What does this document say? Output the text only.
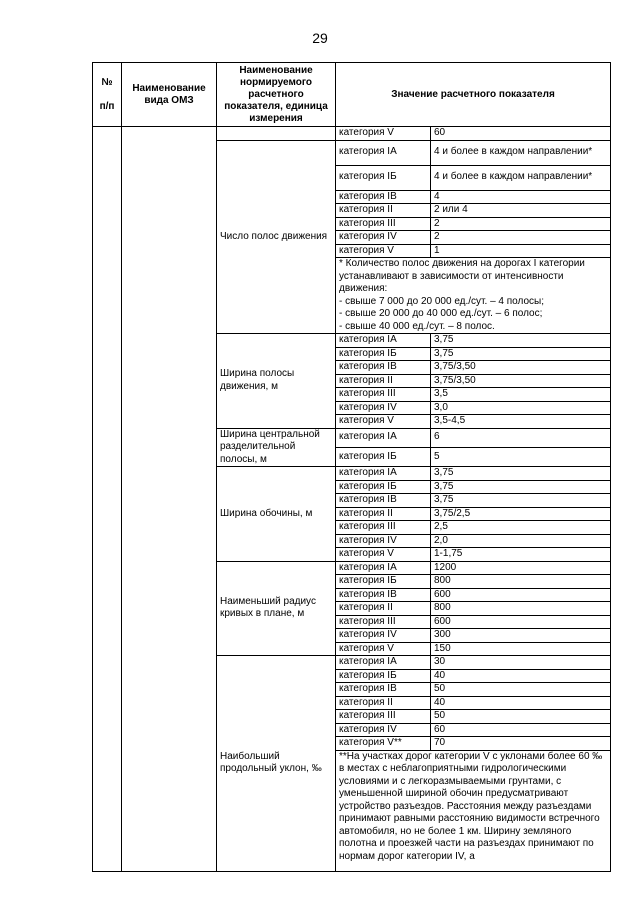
29
№

п/п	Наименование вида ОМЗ	Наименование нормируемого расчетного показателя, единица измерения	Значение расчетного показателя	
			категория V	60
		Число полос движения	категория IА	4 и более в каждом направлении*
			категория IБ	4 и более в каждом направлении*
			категория IВ	4
			категория II	2 или 4
			категория III	2
			категория IV	2
			категория V	1
			* Количество полос движения на дорогах I категории устанавливают в зависимости от интенсивности движения:
- свыше 7 000 до 20 000 ед./сут. – 4 полосы;
- свыше 20 000 до 40 000 ед./сут. – 6 полос;
- свыше 40 000 ед./сут. – 8 полос.	
		Ширина полосы движения, м	категория IА	3,75
			категория IБ	3,75
			категория IВ	3,75/3,50
			категория II	3,75/3,50
			категория III	3,5
			категория IV	3,0
			категория V	3,5-4,5
		Ширина центральной разделительной полосы, м	категория IА	6
			категория IБ	5
		Ширина обочины, м	категория IА	3,75
			категория IБ	3,75
			категория IВ	3,75
			категория II	3,75/2,5
			категория III	2,5
			категория IV	2,0
			категория V	1-1,75
		Наименьший радиус кривых в плане, м	категория IА	1200
			категория IБ	800
			категория IВ	600
			категория II	800
			категория III	600
			категория IV	300
			категория V	150
		Наибольший продольный уклон, ‰	категория IА	30
			категория IБ	40
			категория IВ	50
			категория II	40
			категория III	50
			категория IV	60
			категория V**	70
			**На участках дорог категории V с уклонами более 60 ‰ в местах с неблагоприятными гидрологическими условиями и с легкоразмываемыми грунтами, с уменьшенной шириной обочин предусматривают устройство разъездов. Расстояния между разъездами принимают равными расстоянию видимости встречного автомобиля, но не более 1 км. Ширину земляного полотна и проезжей части на разъездах принимают по нормам дорог категории IV, а	
